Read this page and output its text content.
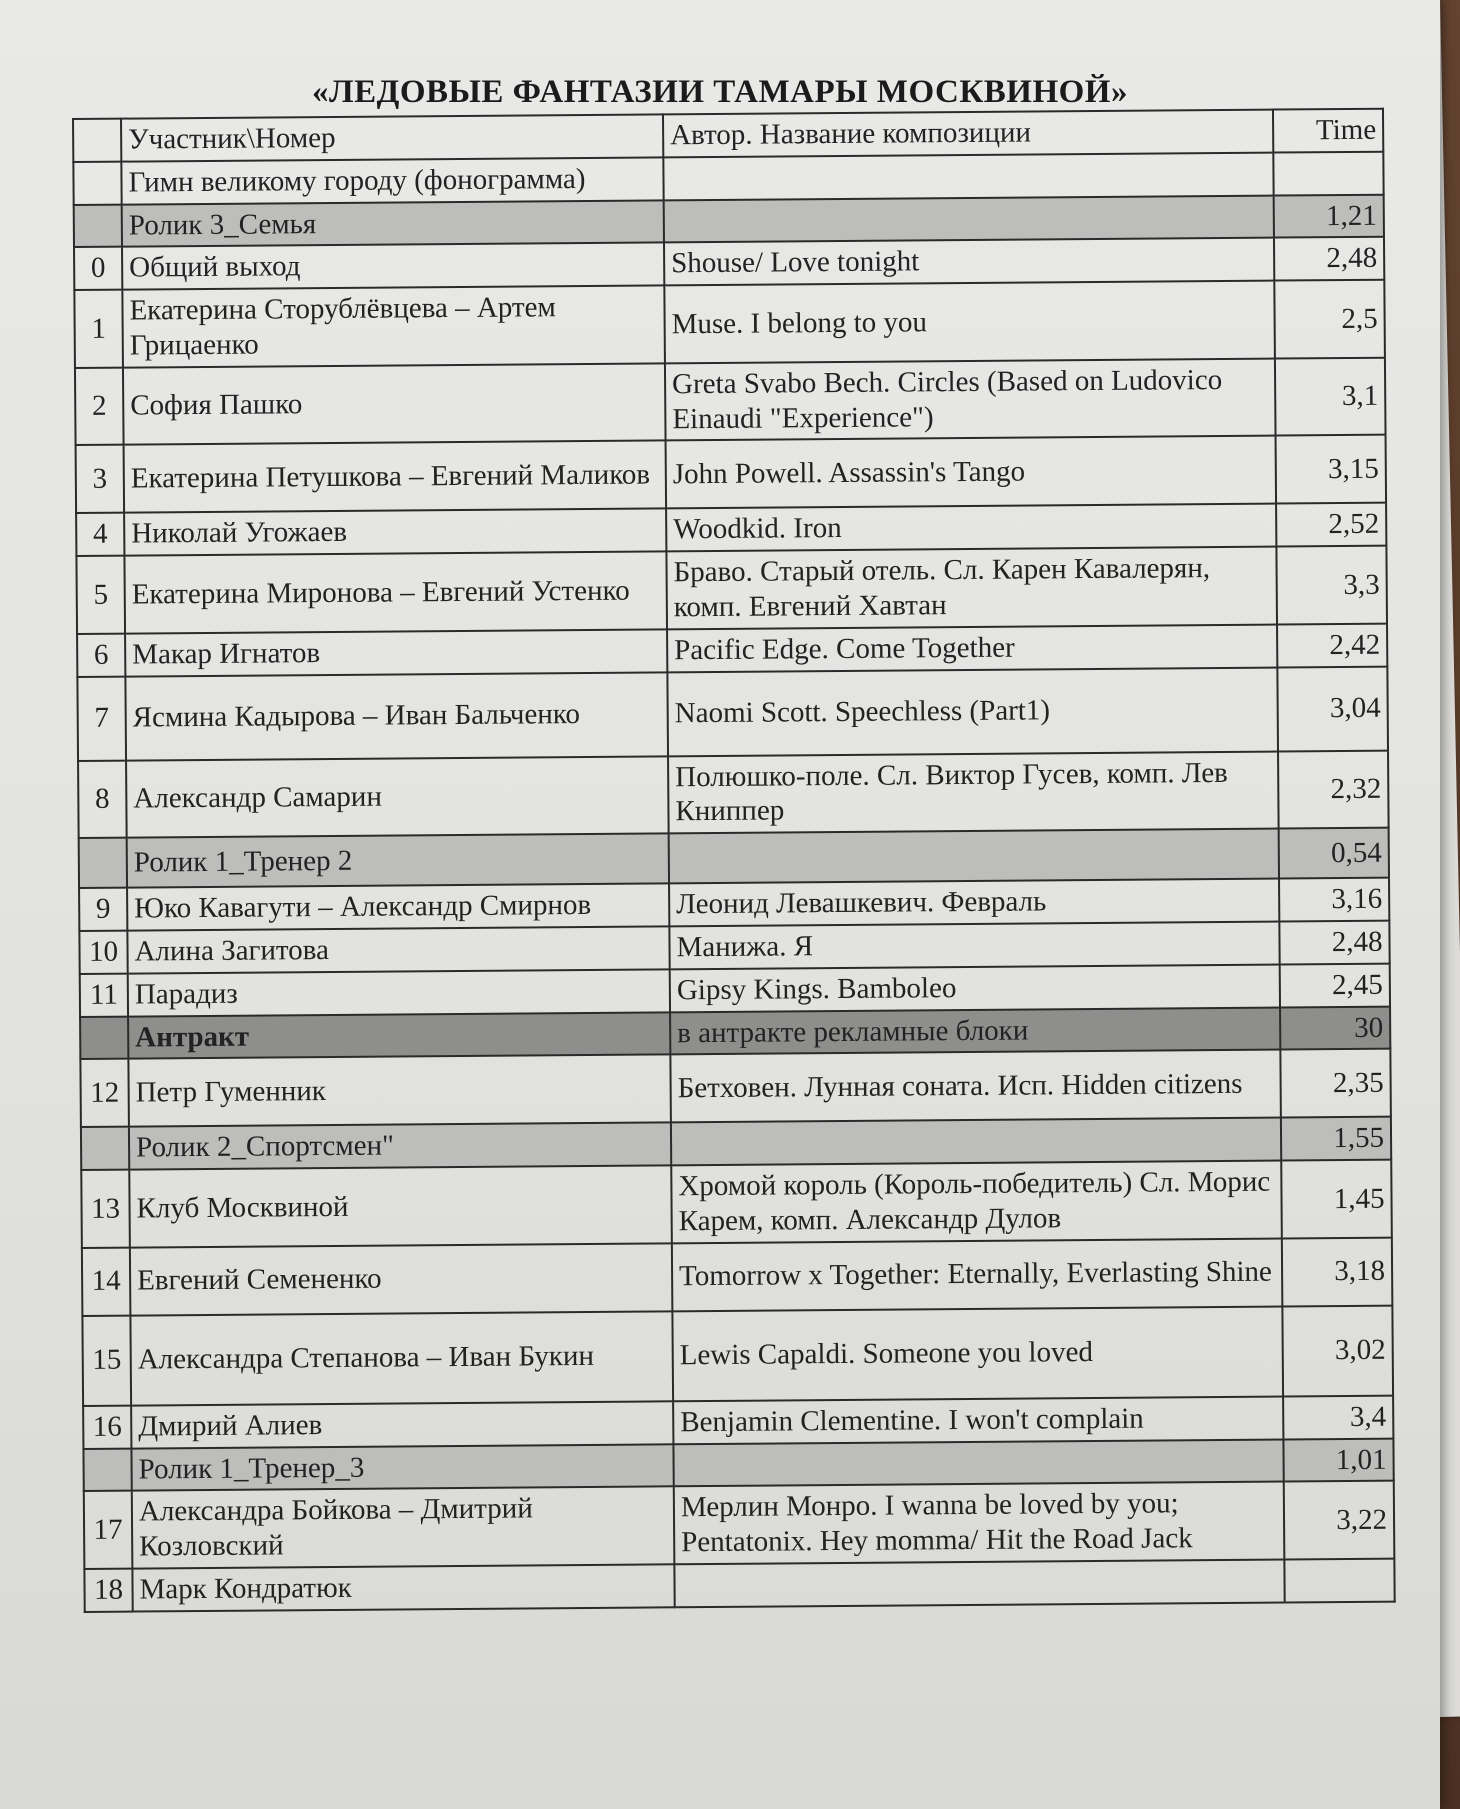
«ЛЕДОВЫЕ ФАНТАЗИИ ТАМАРЫ МОСКВИНОЙ»
	Участник\Номер	Автор. Название композиции	Time
	Гимн великому городу (фонограмма)		
	Ролик 3_Семья		1,21
0	Общий выход	Shouse/ Love tonight	2,48
1	Екатерина Сторублёвцева – Артем Грицаенко	Muse. I belong to you	2,5
2	София Пашко	Greta Svabo Bech. Circles (Based on Ludovico Einaudi "Experience")	3,1
3	Екатерина Петушкова – Евгений Маликов	John Powell. Assassin's Tango	3,15
4	Николай Угожаев	Woodkid. Iron	2,52
5	Екатерина Миронова – Евгений Устенко	Браво. Старый отель. Сл. Карен Кавалерян, комп. Евгений Хавтан	3,3
6	Макар Игнатов	Pacific Edge. Come Together	2,42
7	Ясмина Кадырова – Иван Бальченко	Naomi Scott. Speechless (Part1)	3,04
8	Александр Самарин	Полюшко-поле. Сл. Виктор Гусев, комп. Лев Книппер	2,32
	Ролик 1_Тренер 2		0,54
9	Юко Кавагути – Александр Смирнов	Леонид Левашкевич. Февраль	3,16
10	Алина Загитова	Манижа. Я	2,48
11	Парадиз	Gipsy Kings. Bamboleo	2,45
	Антракт	в антракте рекламные блоки	30
12	Петр Гуменник	Бетховен. Лунная соната. Исп. Hidden citizens	2,35
	Ролик 2_Спортсмен"		1,55
13	Клуб Москвиной	Хромой король (Король-победитель) Сл. Морис Карем, комп. Александр Дулов	1,45
14	Евгений Семененко	Tomorrow x Together: Eternally, Everlasting Shine	3,18
15	Александра Степанова – Иван Букин	Lewis Capaldi. Someone you loved	3,02
16	Дмирий Алиев	Benjamin Clementine. I won't complain	3,4
	Ролик 1_Тренер_3		1,01
17	Александра Бойкова – Дмитрий Козловский	Мерлин Монро. I wanna be loved by you; Pentatonix. Hey momma/ Hit the Road Jack	3,22
18	Марк Кондратюк		
